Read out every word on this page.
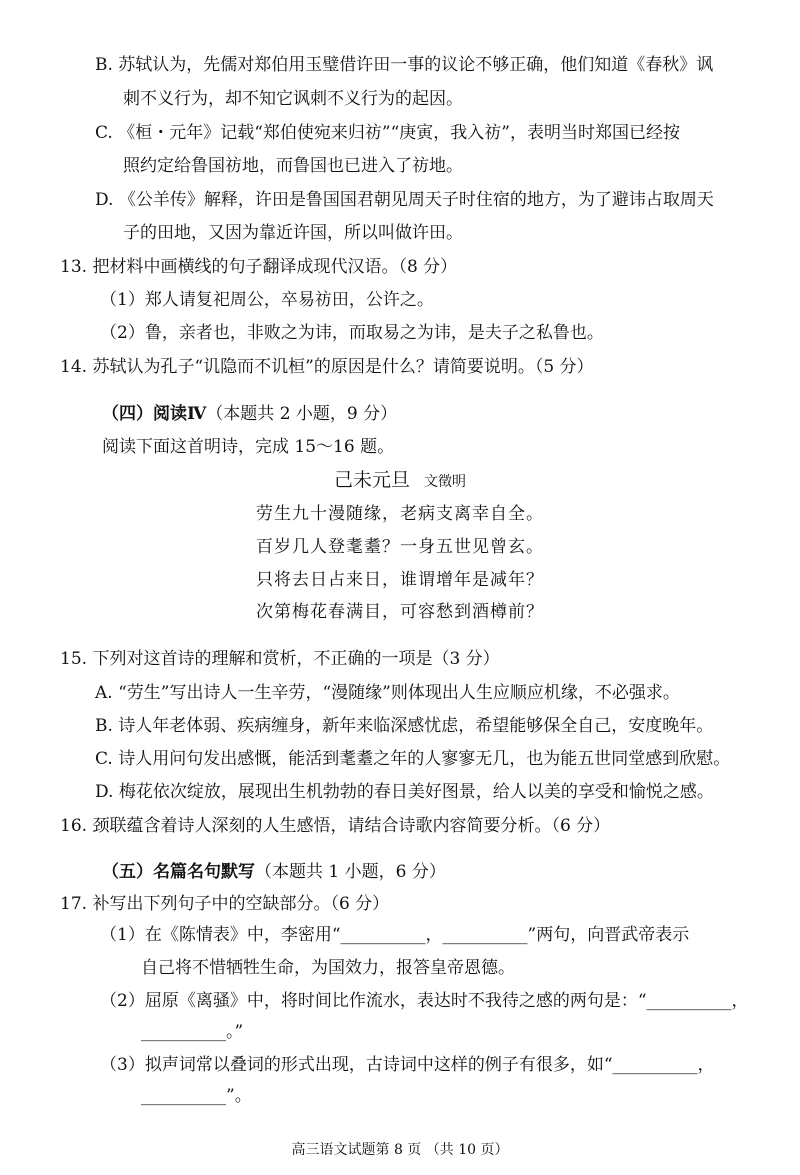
B. 苏轼认为，先儒对郑伯用玉璧借许田一事的议论不够正确，他们知道《春秋》讽
刺不义行为，却不知它讽刺不义行为的起因。
C. 《桓・元年》记载“郑伯使宛来归祊”“庚寅，我入祊”，表明当时郑国已经按
照约定给鲁国祊地，而鲁国也已进入了祊地。
D. 《公羊传》解释，许田是鲁国国君朝见周天子时住宿的地方，为了避讳占取周天
子的田地，又因为靠近许国，所以叫做许田。
13. 把材料中画横线的句子翻译成现代汉语。（8 分）
（1）郑人请复祀周公，卒易祊田，公许之。
（2）鲁，亲者也，非败之为讳，而取易之为讳，是夫子之私鲁也。
14. 苏轼认为孔子“讥隐而不讥桓”的原因是什么？请简要说明。（5 分）
（四）阅读Ⅳ（本题共 2 小题，9 分）
阅读下面这首明诗，完成 15～16 题。
己未元旦 文徵明
劳生九十漫随缘，老病支离幸自全。
百岁几人登耄耋？一身五世见曾玄。
只将去日占来日，谁谓增年是减年？
次第梅花春满目，可容愁到酒樽前？
15. 下列对这首诗的理解和赏析，不正确的一项是（3 分）
A. “劳生”写出诗人一生辛劳，“漫随缘”则体现出人生应顺应机缘，不必强求。
B. 诗人年老体弱、疾病缠身，新年来临深感忧虑，希望能够保全自己，安度晚年。
C. 诗人用问句发出感慨，能活到耄耋之年的人寥寥无几，也为能五世同堂感到欣慰。
D. 梅花依次绽放，展现出生机勃勃的春日美好图景，给人以美的享受和愉悦之感。
16. 颈联蕴含着诗人深刻的人生感悟，请结合诗歌内容简要分析。（6 分）
（五）名篇名句默写（本题共 1 小题，6 分）
17. 补写出下列句子中的空缺部分。（6 分）
（1）在《陈情表》中，李密用“__________，__________”两句，向晋武帝表示
自己将不惜牺牲生命，为国效力，报答皇帝恩德。
（2）屈原《离骚》中，将时间比作流水，表达时不我待之感的两句是：“__________，
__________。”
（3）拟声词常以叠词的形式出现，古诗词中这样的例子有很多，如“__________，
__________”。
高三语文试题第 8 页 （共 10 页）
